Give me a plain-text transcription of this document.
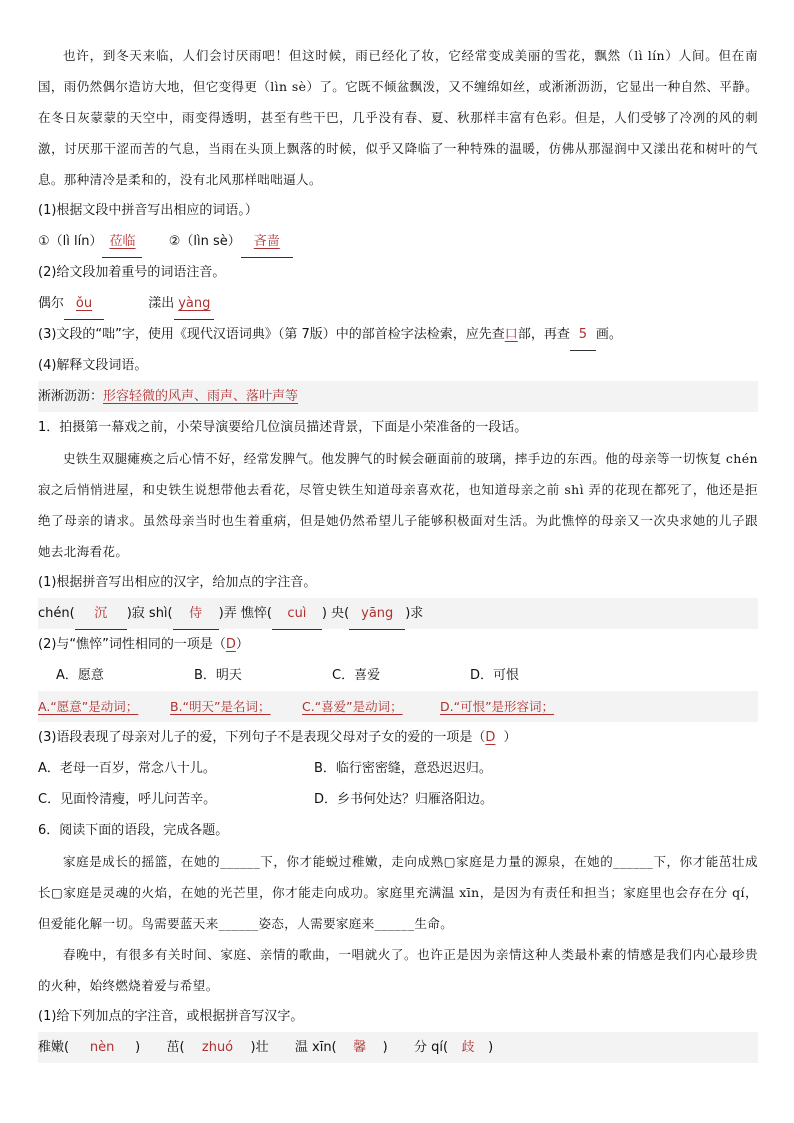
也许，到冬天来临，人们会讨厌雨吧！但这时候，雨已经化了妆，它经常变成美丽的雪花，飘然（lì lín）人间。但在南国，雨仍然偶尔造访大地，但它变得更（lìn sè）了。它既不倾盆飘泼，又不缠绵如丝，或淅淅沥沥，它显出一种自然、平静。在冬日灰蒙蒙的天空中，雨变得透明，甚至有些干巴，几乎没有春、夏、秋那样丰富有色彩。但是，人们受够了冷冽的风的刺激，讨厌那干涩而苦的气息，当雨在头顶上飘落的时候，似乎又降临了一种特殊的温暖，仿佛从那湿润中又漾出花和树叶的气息。那种清冷是柔和的，没有北风那样咄咄逼人。

(1)根据文段中拼音写出相应的词语。）

①（lì lín） 莅临	②（lìn sè） 吝啬

(2)给文段加着重号的词语注音。

偶尔 ǒu	漾出 yàng

(3)文段的“咄”字，使用《现代汉语词典》（第 7版）中的部首检字法检索，应先查口部，再查 5 画。

(4)解释文段词语。

淅淅沥沥：形容轻微的风声、雨声、落叶声等

1．拍摄第一幕戏之前，小荣导演要给几位演员描述背景，下面是小荣准备的一段话。

史铁生双腿瘫痪之后心情不好，经常发脾气。他发脾气的时候会砸面前的玻璃，摔手边的东西。他的母亲等一切恢复 chén 寂之后悄悄进屋，和史铁生说想带他去看花，尽管史铁生知道母亲喜欢花，也知道母亲之前 shì 弄的花现在都死了，他还是拒绝了母亲的请求。虽然母亲当时也生着重病，但是她仍然希望儿子能够积极面对生活。为此憔悴的母亲又一次央求她的儿子跟她去北海看花。

(1)根据拼音写出相应的汉字，给加点的字注音。

chén( 沉 )寂 shì( 侍 )弄 憔悴( cuì ) 央( yāng )求

(2)与“憔悴”词性相同的一项是（D）

A．愿意	B．明天	C．喜爱	D．可恨

A.“愿意”是动词；	B.“明天”是名词；	C.“喜爱”是动词；	D.“可恨”是形容词；

(3)语段表现了母亲对儿子的爱，下列句子不是表现父母对子女的爱的一项是（D ）

A．老母一百岁，常念八十儿。	B．临行密密缝，意恐迟迟归。

C．见面怜清瘦，呼儿问苦辛。	D．乡书何处达？归雁洛阳边。

6．阅读下面的语段，完成各题。

家庭是成长的摇篮，在她的______下，你才能蜕过稚嫩，走向成熟▢家庭是力量的源泉，在她的______下，你才能茁壮成长▢家庭是灵魂的火焰，在她的光芒里，你才能走向成功。家庭里充满温 xīn，是因为有责任和担当；家庭里也会存在分 qí，但爱能化解一切。鸟需要蓝天来______姿态，人需要家庭来______生命。

春晚中，有很多有关时间、家庭、亲情的歌曲，一唱就火了。也许正是因为亲情这种人类最朴素的情感是我们内心最珍贵的火种，始终燃烧着爱与希望。

(1)给下列加点的字注音，或根据拼音写汉字。

稚嫩( nèn ) 茁( zhuó )壮 温 xīn( 馨 ) 分 qí( 歧 )
